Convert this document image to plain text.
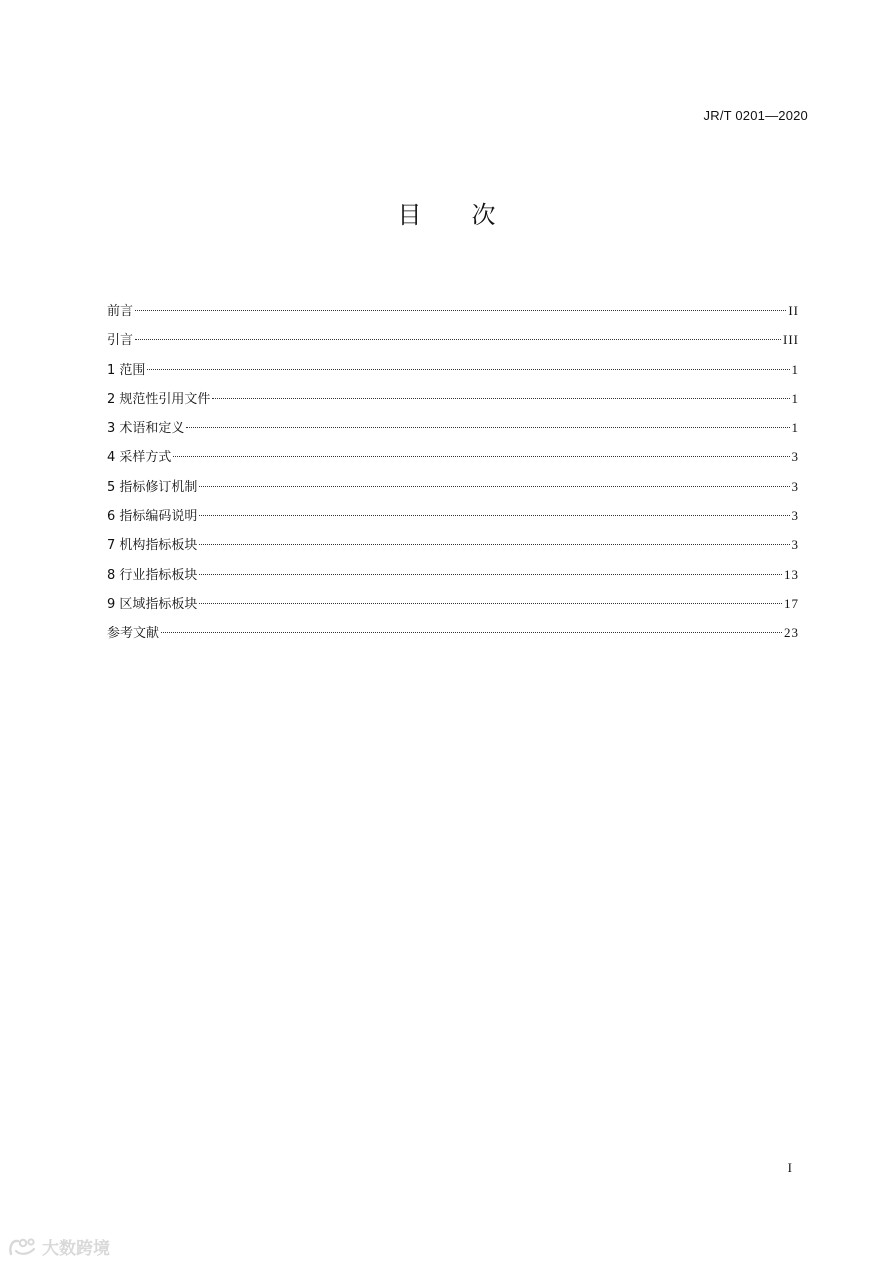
JR/T 0201—2020
目 次
前言	II
引言	III
1 范围	1
2 规范性引用文件	1
3 术语和定义	1
4 采样方式	3
5 指标修订机制	3
6 指标编码说明	3
7 机构指标板块	3
8 行业指标板块	13
9 区域指标板块	17
参考文献	23
I
大数跨境
